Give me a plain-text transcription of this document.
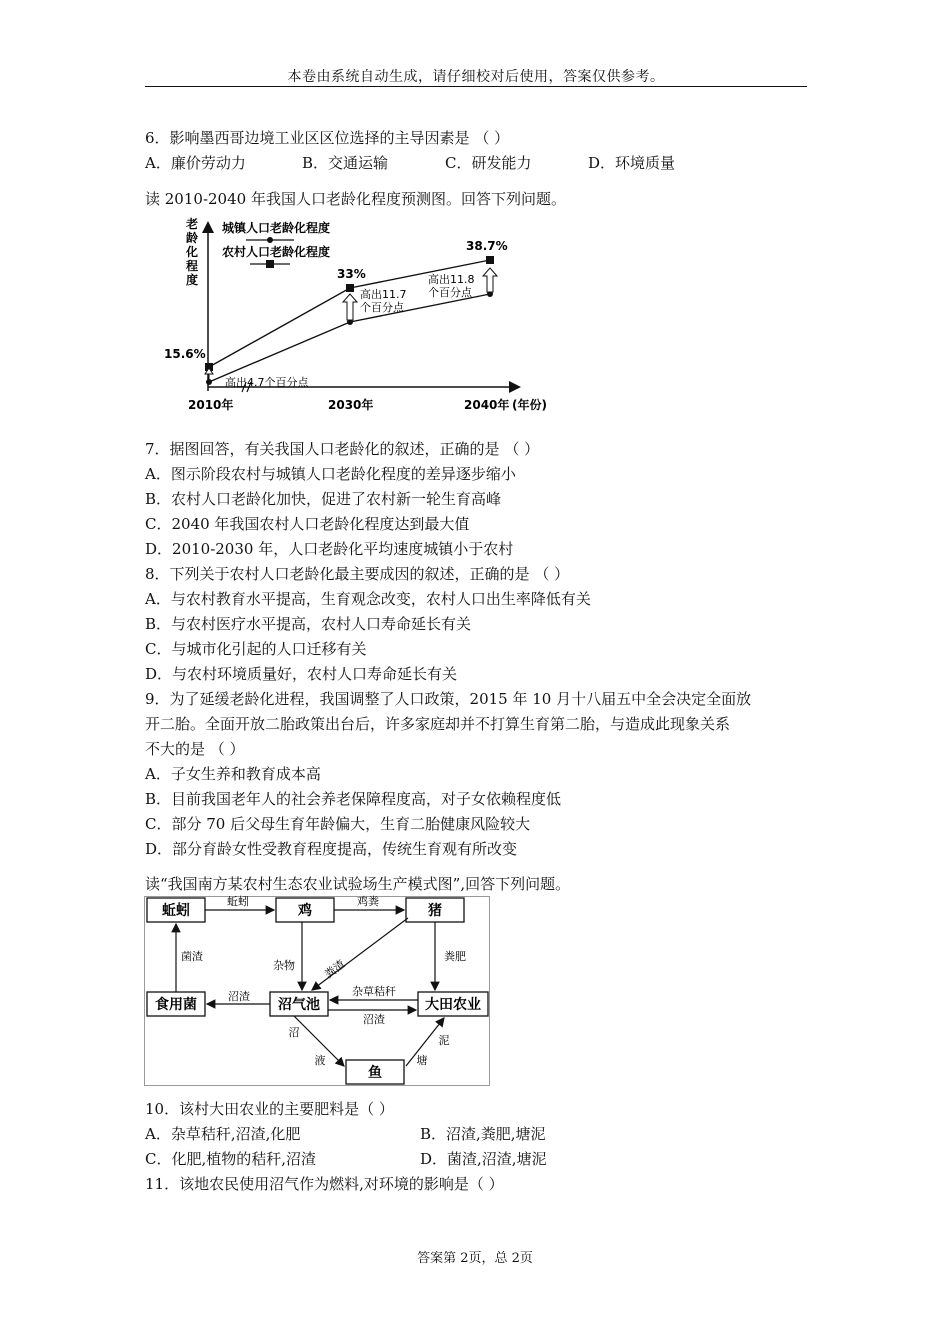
本卷由系统自动生成，请仔细校对后使用，答案仅供参考。
6．影响墨西哥边境工业区区位选择的主导因素是 （ ）
A．廉价劳动力	B．交通运输	C．研发能力	D．环境质量
读 2010-2040 年我国人口老龄化程度预测图。回答下列问题。
老龄化程度
城镇人口老龄化程度
农村人口老龄化程度
15.6%
33%
38.7%
高出4.7个百分点
高出11.7
个百分点
高出11.8
个百分点
2010年	2030年	2040年 (年份)
7．据图回答，有关我国人口老龄化的叙述，正确的是 （ ）
A．图示阶段农村与城镇人口老龄化程度的差异逐步缩小
B．农村人口老龄化加快，促进了农村新一轮生育高峰
C．2040 年我国农村人口老龄化程度达到最大值
D．2010-2030 年，人口老龄化平均速度城镇小于农村
8．下列关于农村人口老龄化最主要成因的叙述，正确的是 （ ）
A．与农村教育水平提高，生育观念改变，农村人口出生率降低有关
B．与农村医疗水平提高，农村人口寿命延长有关
C．与城市化引起的人口迁移有关
D．与农村环境质量好，农村人口寿命延长有关
9．为了延缓老龄化进程，我国调整了人口政策，2015 年 10 月十八届五中全会决定全面放
开二胎。全面开放二胎政策出台后，许多家庭却并不打算生育第二胎，与造成此现象关系
不大的是 （ ）
A．子女生养和教育成本高
B．目前我国老年人的社会养老保障程度高，对子女依赖程度低
C．部分 70 后父母生育年龄偏大，生育二胎健康风险较大
D．部分育龄女性受教育程度提高，传统生育观有所改变
读“我国南方某农村生态农业试验场生产模式图”,回答下列问题。
蚯蚓	鸡	猪
食用菌	沼气池	大田农业
鱼
蚯蚓	鸡粪
菌渣
杂物 粪渣
粪肥
沼渣	杂草秸秆
沼渣
沼
液	塘
泥
10．该村大田农业的主要肥料是（ ）
A．杂草秸秆,沼渣,化肥	B．沼渣,粪肥,塘泥
C．化肥,植物的秸秆,沼渣	D．菌渣,沼渣,塘泥
11．该地农民使用沼气作为燃料,对环境的影响是（ ）
答案第 2页，总 2页
